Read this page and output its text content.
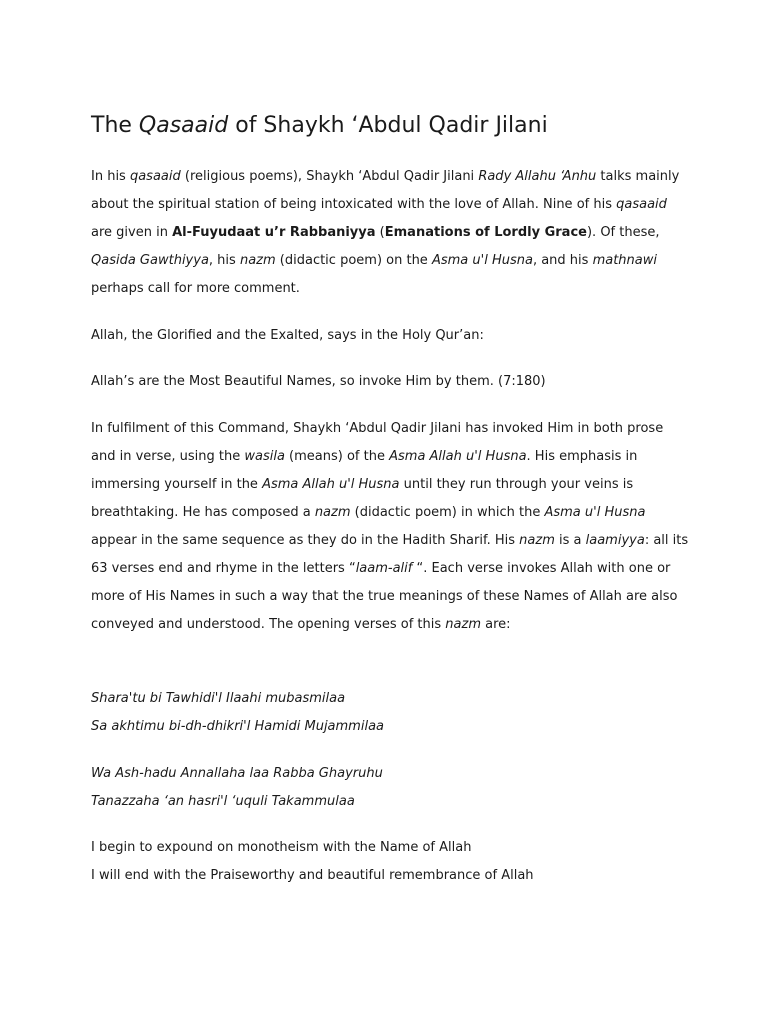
The Qasaaid of Shaykh ‘Abdul Qadir Jilani

In his qasaaid (religious poems), Shaykh ‘Abdul Qadir Jilani Rady Allahu ‘Anhu talks mainly about the spiritual station of being intoxicated with the love of Allah. Nine of his qasaaid are given in Al-Fuyudaat u’r Rabbaniyya (Emanations of Lordly Grace). Of these, Qasida Gawthiyya, his nazm (didactic poem) on the Asma u'l Husna, and his mathnawi perhaps call for more comment.

Allah, the Glorified and the Exalted, says in the Holy Qur’an:

Allah’s are the Most Beautiful Names, so invoke Him by them. (7:180)

In fulfilment of this Command, Shaykh ‘Abdul Qadir Jilani has invoked Him in both prose and in verse, using the wasila (means) of the Asma Allah u'l Husna. His emphasis in immersing yourself in the Asma Allah u'l Husna until they run through your veins is breathtaking. He has composed a nazm (didactic poem) in which the Asma u'l Husna appear in the same sequence as they do in the Hadith Sharif. His nazm is a laamiyya: all its 63 verses end and rhyme in the letters “laam-alif “. Each verse invokes Allah with one or more of His Names in such a way that the true meanings of these Names of Allah are also conveyed and understood. The opening verses of this nazm are:

Shara'tu bi Tawhidi'l Ilaahi mubasmilaa
Sa akhtimu bi-dh-dhikri'l Hamidi Mujammilaa
Wa Ash-hadu Annallaha laa Rabba Ghayruhu
Tanazzaha ‘an hasri'l ‘uquli Takammulaa
I begin to expound on monotheism with the Name of Allah
I will end with the Praiseworthy and beautiful remembrance of Allah
